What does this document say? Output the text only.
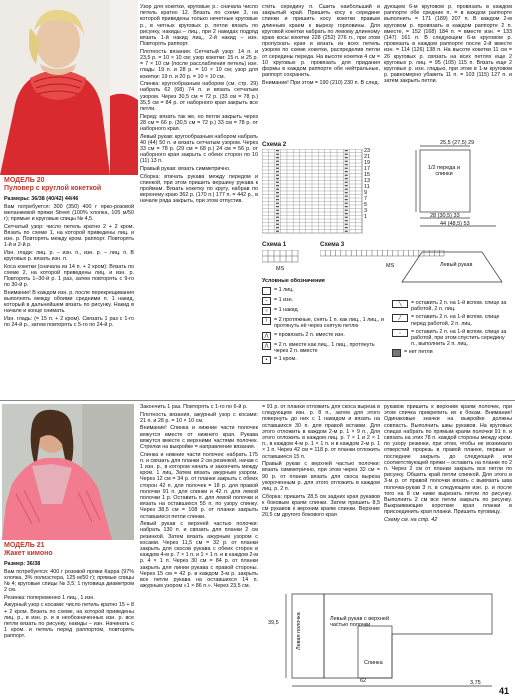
МОДЕЛЬ 20
Пуловер с круглой кокеткой

Размеры: 36/38 (40/42) 44/46

Вам потребуется: 300 (350) 400 г ярко-розовой меланжевой пряжи Street (100% хлопка, 105 м/50 г); прямые и круговые спицы № 4,5.

Сетчатый узор: число петель кратно 2 + 2 кром. Вязать по схеме 1, на которой приведены лиц. и изн. р. Повторять между кром. раппорт. Повторять 1-й и 2-й р.

Изн. глади: лиц. р. – изн. п., изн. р. – лиц. п. В круговых р. вязать изн. п.

Коса кокетки (сначала из 14 п. + 2 кром): Вязать по схеме 2, на которой приведены лиц. и изн. р. Повторять 1–30-й р. 1 раз, затем повторять с 9-го по 30-й р.

Внимание! В каждом изн. р. после перекрещивания выполнять между обоими средними п. 1 накид, который в дальнейшем вязать по рисунку. Накид в начале и конце снимать.

Изн. гладь: (= 15 п. + 2 кром). Связать 1 раз с 1-го по 24-й р., затем повторять с 5-го по 24-й р.

Узор для кокетки, круговые р.: сначала число петель кратно 12. Вязать по схеме 3, на которой приведены только нечетные круговые р., в четных круговых р. петли вязать по рисунку, накиды – лиц., при 2 накидах подряд вязать 1-й накид лиц., 2-й накид – изн. Повторять раппорт.

Плотность вязания. Сетчатый узор: 14 п. и 23,5 р. = 10 × 10 см; узор кокетки: 15 п. и 25 р. = 7 × 10 см (после расслабления петель) изн. гладь: 19 п. и 28 р. = 10 × 10 см; узор для кокетки: 19 п. и 20 р. = 10 × 10 см.

Спинка: кругообразным набором (см. стр. 29) набрать 62 (68) 74 п. и вязать сетчатым узором. Через 30,5 см = 72 р. (33 см = 78 р.) 35,5 см = 84 р. от наборного края закрыть все петли.

Перед: вязать так же, но петли закрыть через 28 см = 66 р. (30,5 см = 72 р.) 33 см = 78 р. от наборного края.

Левый рукав: кругообразным набором набрать 40 (44) 50 п. и вязать сетчатым узором. Через 33 см = 78 р. (29 см = 68 р.) 24 см = 56 р. от наборного края закрыть с обеих сторон по 10 (11) 13 п.

Правый рукав: вязать симметрично.

Сборка: втачать рукава между передом и спинкой, при этом пришить вершину рукава к проймам. Вязать кокетку по кругу, набрав по верхнему краю 362 р. (170 п.) 177 п. = 442 р., в начале ряда закрыть, при этом отпустив.

стить середину п. Сшить наибольший и закрытый край. Пришить косу к середине спинки и пришить косу кокетки правым длинным краем к вырезу горловины. Для круговой кокетки набрать по левому длинному краю косы кокетки 228 (252) 276 п., при этом пропускать края и вязать из всех петель узором по схеме кокетки, распределив петли от середины переда. На высоте кокетки 4 см = 10 круговых р. провязать для придания формы в каждом раппорте обе нейтральные, раппорт сохранить.

Внимание! При этом = 190 (210) 230 п. В след.

дующем 6-м круговом р. провязать в каждом раппорте обе средние п. = в каждом раппорте выполнить = 171 (189) 207 п. В каждом 2-м круговом р. провязать в каждом раппорте 2 п. вместе, = 152 (168) 184 п. = вместе изн. = 133 (147) 161 п. В следующем 6-м круговом р. провязать в каждом раппорте после 2-й вместе изн. = 114 (126) 138 п. На высоте кокетки 11 см = 26 круговых р. связать на всех петлях еще 2 круговых р. лиц. = 95 (105) 115 п. Вязать еще 2 круговых р. изн. гладью, при этом в 1-м круговом р. равномерно убавить 11 п. = 103 (115) 127 п. и затем закрыть петли.

Схема 2
23
21
19
17
15
13
11
9
7
5
3
1
25,5 (27,5) 29
1/2 переда и спинки
28 (30,5) 33
44 (48,5) 53
Левый рукав
Схема 1	Схема 3
MS	MS
Условные обозначения
= 1 лиц.
−	= 1 изн.
○	= 1 накид
\	= 2 протяжные, снять 1 п. как лиц., 1 лиц., и протянуть её через снятую петлю
⋀	= провязать 2 п. вместе изн.
⋀	= 2 п. вместе как лиц., 1 лиц., протянуть через 2 п. вместе
•	= 1 кром.
╲	= оставить 2 п. на 1-й вспом. спице за работой, 2 п. лиц.
╱	= оставить 2 п. на 1-й вспом. спице перед работой, 2 п. лиц.
↓	= оставить 2 п. на 1-й вспом. спице за работой, при этом спустить середину п., выполнить 2 п. лиц.
= нет петли
МОДЕЛЬ 21
Жакет кимоно

Размер: 36/38

Вам потребуется: 400 г розовой пряжи Карра (97% хлопка, 3% полиэстера, 125 м/50 г); прямые спицы № 4; круговые спицы № 3,5; 1 пуговица диаметром 2 см.

Резинка: попеременно 1 лиц., 1 изн.

Ажурный узор с косами: число петель кратно 15 + 8 + 2 кром. Вязать по схеме, на которой приведены лиц. р., в изн. р. и в необозначенных изн. р. все петли вязать по рисунку, накиды – изн. Начинать с 1 кром. и петель перед раппортом, повторять раппорт.

Закончить 1 раз. Повторять с 1-го по 6-й р.

Плотность вязания, ажурный узор с косами: 21 п. и 28 р. = 10 × 10 см.

Внимание! Спинка и нижние части полочек вяжутся вместе от нижнего края. Рукава вяжутся вместе с верхними частями полочек. Стрелки на выкройке = направление вязания.

Спинка и нижние части полочек: набрать 175 п. и связать для планки 2 см резинкой, начав с 1 изн. р., в котором начать и закончить между кром. 1 лиц. Затем вязать ажурным узором. Через 12 см = 34 р. от планки закрыть с обеих сторон 42 п. для полочек = 18 р. для правой полочки 91 п. для спинки и 42 п. для левой полочки 1 р. Оставить п. для левой полочки и вязать на оставшихся 55 п. по узору спинку. Через 38,5 см = 108 р. от планки закрыть оставшиеся петли спинки.

Левый рукав с верхней частью полочки: набрать 130 п. и связать для планки 2 см резинкой. Затем вязать ажурным узором с косами. Через 11,5 см = 32 р. от планки закрыть для скосов рукава с обеих сторон в каждом 4-м р. 7 × 1 п. и 1 × 1 п. и в каждом 2-м р. 4 × 1 п. Через 30 см = 84 р. от планки закрыть для линии рукава с правой стороны. Через 15 см = 42 р. в каждом 3-м р. закрыть все петли рукава на оставшихся 14 п. ажурным узором «1 × 86 п.». Через 23,5 см.

= 91 р. от планки отложить для скоса выреза в следующем изн. р. 8 п., затем для этого повернуть до них с 1 накидом и вязать на оставшихся 30 п. для правой вставки. Для этого отложить в каждом 2-м р. 1 × 9 п., Для этого отложить в каждом лиц. р. 7 × 1 и 2 × 1 п., в каждом 4-м р. 1 × 1 п. и в каждом 2-м р. 1 × 1 п. Через 42 см = 118 р. от планки отложить оставшиеся 15 п.

Правый рукав с верхней частью полочки: вязать симметрично, при этом через 32 см = 90 р. от планки вязать для скоса выреза укороченным р. для этого отложить в каждом лиц. р. 2 п.

Сборка: пришить 28,5 см задних края рукавов к боковым краям спинки. Затем пришить 8,5 см рукавов к верхним краям спинки. Верхние 20,5 см другого бокового края

рукавов пришить к верхним краям полочек, при этом спичка прикрепить их к бокам. Внимание! Одинаковые значки на выкройке должны совпасть. Выполнить швы рукавов. На круговых спицах набрать по прямым краям полочки 91 п. и связать на этих 78 п. каждой стороны между кром. по узору резинки, при этом, чтобы не возникало отверстий прорезь в правой планке, первые и последние закрыть до следующей или соответствующей пряжи – оставить на планке по 2 п. Через 2 см от планки закрыть все петли по рисунку. Обшить край петли спинкой. Для этого в 3-м р. от правой полочки вязать с вывязать шва полочка-рукав 3 п. в следующем изн. р. и после того на 8 см ниже вырезать петли по рисунку. Выполнить 2 см все петли закрыть по рисунку. Выкраивающие короткие края планки в присоединить края планки. Пришить пуговицу.

Схему см. на стр. 42

Левая полочка	Левый рукав с верхней частью полочки
Спинка
39,5
62	3,75
41
